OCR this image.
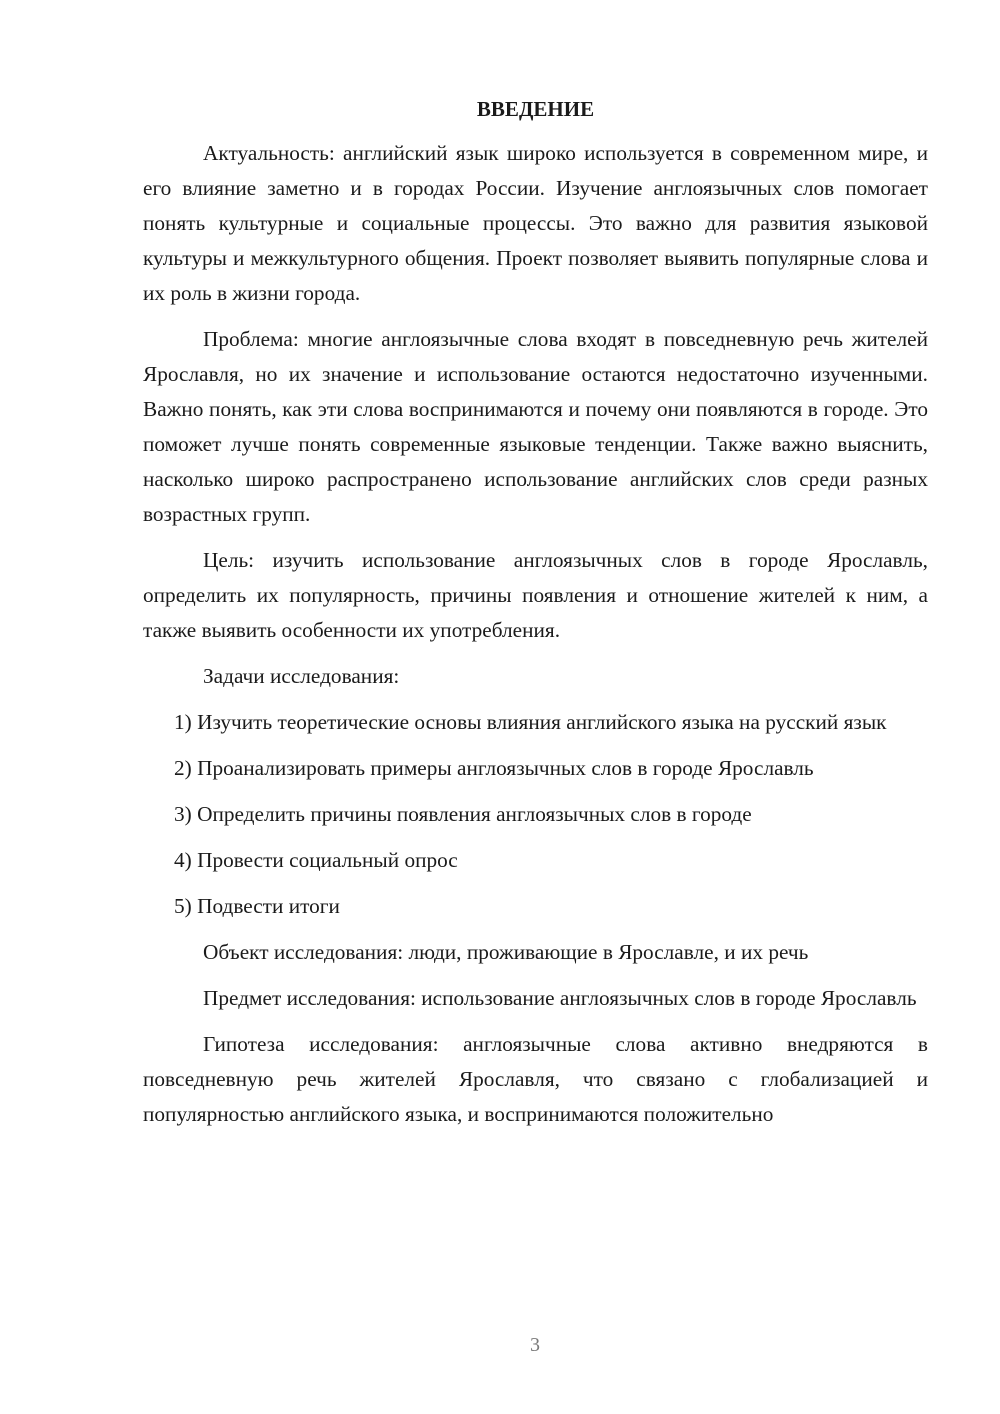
ВВЕДЕНИЕ

Актуальность: английский язык широко используется в современном мире, и его влияние заметно и в городах России. Изучение англоязычных слов помогает понять культурные и социальные процессы. Это важно для развития языковой культуры и межкультурного общения. Проект позволяет выявить популярные слова и их роль в жизни города.

Проблема: многие англоязычные слова входят в повседневную речь жителей Ярославля, но их значение и использование остаются недостаточно изученными. Важно понять, как эти слова воспринимаются и почему они появляются в городе. Это поможет лучше понять современные языковые тенденции. Также важно выяснить, насколько широко распространено использование английских слов среди разных возрастных групп.

Цель: изучить использование англоязычных слов в городе Ярославль, определить их популярность, причины появления и отношение жителей к ним, а также выявить особенности их употребления.

Задачи исследования:

1) Изучить теоретические основы влияния английского языка на русский язык

2) Проанализировать примеры англоязычных слов в городе Ярославль

3) Определить причины появления англоязычных слов в городе

4) Провести социальный опрос

5) Подвести итоги

Объект исследования: люди, проживающие в Ярославле, и их речь

Предмет исследования: использование англоязычных слов в городе Ярославль

Гипотеза исследования: англоязычные слова активно внедряются в повседневную речь жителей Ярославля, что связано с глобализацией и популярностью английского языка, и воспринимаются положительно

3
